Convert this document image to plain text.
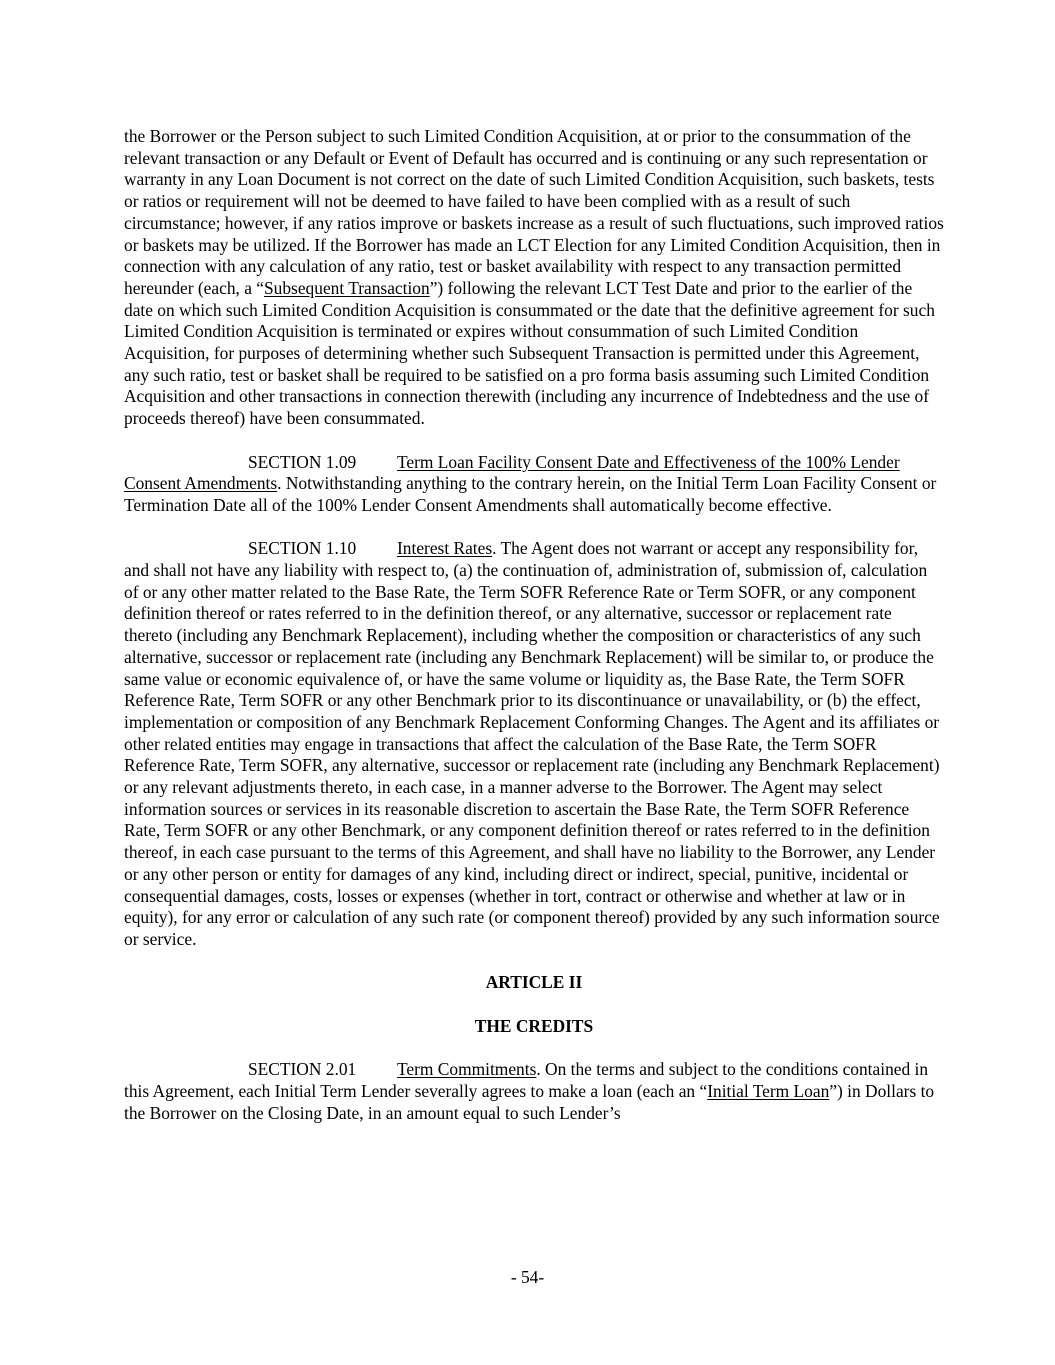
the Borrower or the Person subject to such Limited Condition Acquisition, at or prior to the consummation of the relevant transaction or any Default or Event of Default has occurred and is continuing or any such representation or warranty in any Loan Document is not correct on the date of such Limited Condition Acquisition, such baskets, tests or ratios or requirement will not be deemed to have failed to have been complied with as a result of such circumstance; however, if any ratios improve or baskets increase as a result of such fluctuations, such improved ratios or baskets may be utilized. If the Borrower has made an LCT Election for any Limited Condition Acquisition, then in connection with any calculation of any ratio, test or basket availability with respect to any transaction permitted hereunder (each, a “Subsequent Transaction”) following the relevant LCT Test Date and prior to the earlier of the date on which such Limited Condition Acquisition is consummated or the date that the definitive agreement for such Limited Condition Acquisition is terminated or expires without consummation of such Limited Condition Acquisition, for purposes of determining whether such Subsequent Transaction is permitted under this Agreement, any such ratio, test or basket shall be required to be satisfied on a pro forma basis assuming such Limited Condition Acquisition and other transactions in connection therewith (including any incurrence of Indebtedness and the use of proceeds thereof) have been consummated.

SECTION 1.09 Term Loan Facility Consent Date and Effectiveness of the 100% Lender Consent Amendments. Notwithstanding anything to the contrary herein, on the Initial Term Loan Facility Consent or Termination Date all of the 100% Lender Consent Amendments shall automatically become effective.

SECTION 1.10 Interest Rates. The Agent does not warrant or accept any responsibility for, and shall not have any liability with respect to, (a) the continuation of, administration of, submission of, calculation of or any other matter related to the Base Rate, the Term SOFR Reference Rate or Term SOFR, or any component definition thereof or rates referred to in the definition thereof, or any alternative, successor or replacement rate thereto (including any Benchmark Replacement), including whether the composition or characteristics of any such alternative, successor or replacement rate (including any Benchmark Replacement) will be similar to, or produce the same value or economic equivalence of, or have the same volume or liquidity as, the Base Rate, the Term SOFR Reference Rate, Term SOFR or any other Benchmark prior to its discontinuance or unavailability, or (b) the effect, implementation or composition of any Benchmark Replacement Conforming Changes. The Agent and its affiliates or other related entities may engage in transactions that affect the calculation of the Base Rate, the Term SOFR Reference Rate, Term SOFR, any alternative, successor or replacement rate (including any Benchmark Replacement) or any relevant adjustments thereto, in each case, in a manner adverse to the Borrower. The Agent may select information sources or services in its reasonable discretion to ascertain the Base Rate, the Term SOFR Reference Rate, Term SOFR or any other Benchmark, or any component definition thereof or rates referred to in the definition thereof, in each case pursuant to the terms of this Agreement, and shall have no liability to the Borrower, any Lender or any other person or entity for damages of any kind, including direct or indirect, special, punitive, incidental or consequential damages, costs, losses or expenses (whether in tort, contract or otherwise and whether at law or in equity), for any error or calculation of any such rate (or component thereof) provided by any such information source or service.

ARTICLE II

THE CREDITS

SECTION 2.01 Term Commitments. On the terms and subject to the conditions contained in this Agreement, each Initial Term Lender severally agrees to make a loan (each an “Initial Term Loan”) in Dollars to the Borrower on the Closing Date, in an amount equal to such Lender’s

- 54-
